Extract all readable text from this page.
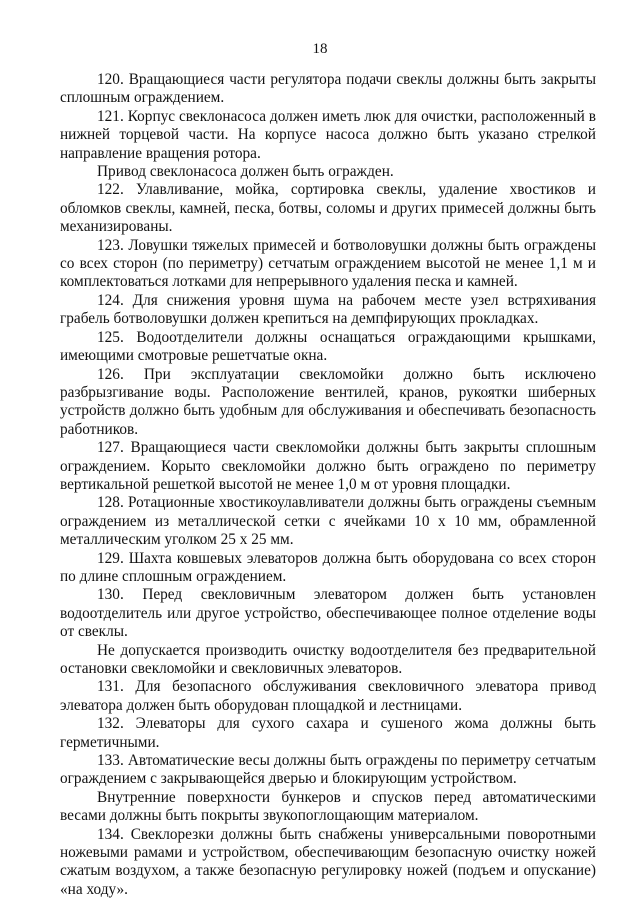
18

120. Вращающиеся части регулятора подачи свеклы должны быть закрыты сплошным ограждением.

121. Корпус свеклонасоса должен иметь люк для очистки, расположенный в нижней торцевой части. На корпусе насоса должно быть указано стрелкой направление вращения ротора.

Привод свеклонасоса должен быть огражден.

122. Улавливание, мойка, сортировка свеклы, удаление хвостиков и обломков свеклы, камней, песка, ботвы, соломы и других примесей должны быть механизированы.

123. Ловушки тяжелых примесей и ботволовушки должны быть ограждены со всех сторон (по периметру) сетчатым ограждением высотой не менее 1,1 м и комплектоваться лотками для непрерывного удаления песка и камней.

124. Для снижения уровня шума на рабочем месте узел встряхивания грабель ботволовушки должен крепиться на демпфирующих прокладках.

125. Водоотделители должны оснащаться ограждающими крышками, имеющими смотровые решетчатые окна.

126. При эксплуатации свекломойки должно быть исключено разбрызгивание воды. Расположение вентилей, кранов, рукоятки шиберных устройств должно быть удобным для обслуживания и обеспечивать безопасность работников.

127. Вращающиеся части свекломойки должны быть закрыты сплошным ограждением. Корыто свекломойки должно быть ограждено по периметру вертикальной решеткой высотой не менее 1,0 м от уровня площадки.

128. Ротационные хвостикоулавливатели должны быть ограждены съемным ограждением из металлической сетки с ячейками 10 х 10 мм, обрамленной металлическим уголком 25 х 25 мм.

129. Шахта ковшевых элеваторов должна быть оборудована со всех сторон по длине сплошным ограждением.

130. Перед свекловичным элеватором должен быть установлен водоотделитель или другое устройство, обеспечивающее полное отделение воды от свеклы.

Не допускается производить очистку водоотделителя без предварительной остановки свекломойки и свекловичных элеваторов.

131. Для безопасного обслуживания свекловичного элеватора привод элеватора должен быть оборудован площадкой и лестницами.

132. Элеваторы для сухого сахара и сушеного жома должны быть герметичными.

133. Автоматические весы должны быть ограждены по периметру сетчатым ограждением с закрывающейся дверью и блокирующим устройством.

Внутренние поверхности бункеров и спусков перед автоматическими весами должны быть покрыты звукопоглощающим материалом.

134. Свеклорезки должны быть снабжены универсальными поворотными ножевыми рамами и устройством, обеспечивающим безопасную очистку ножей сжатым воздухом, а также безопасную регулировку ножей (подъем и опускание) «на ходу».
